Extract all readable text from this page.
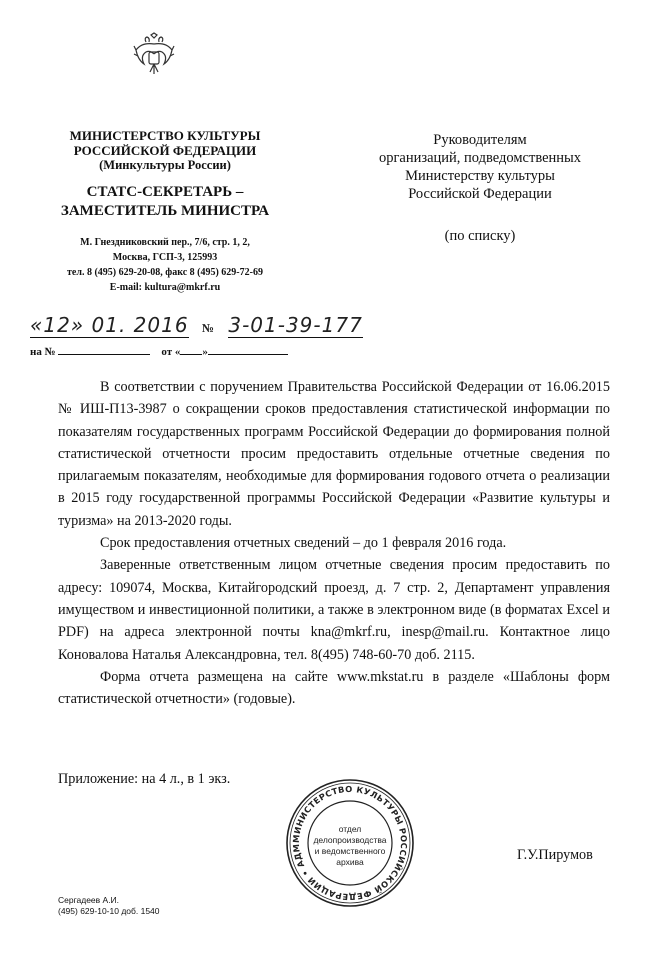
МИНИСТЕРСТВО КУЛЬТУРЫ
РОССИЙСКОЙ ФЕДЕРАЦИИ
(Минкультуры России)
СТАТС-СЕКРЕТАРЬ –
ЗАМЕСТИТЕЛЬ МИНИСТРА
М. Гнездниковский пер., 7/6, стр. 1, 2,
Москва, ГСП-3, 125993
тел. 8 (495) 629-20-08, факс 8 (495) 629-72-69
E-mail: kultura@mkrf.ru
Руководителям
организаций, подведомственных
Министерству культуры
Российской Федерации
(по списку)
«12» 01. 2016 № 3-01-39-177
на №	от « »

В соответствии с поручением Правительства Российской Федерации от 16.06.2015 № ИШ-П13-3987 о сокращении сроков предоставления статистической информации по показателям государственных программ Российской Федерации до формирования полной статистической отчетности просим предоставить отдельные отчетные сведения по прилагаемым показателям, необходимые для формирования годового отчета о реализации в 2015 году государственной программы Российской Федерации «Развитие культуры и туризма» на 2013-2020 годы.

Срок предоставления отчетных сведений – до 1 февраля 2016 года.

Заверенные ответственным лицом отчетные сведения просим предоставить по адресу: 109074, Москва, Китайгородский проезд, д. 7 стр. 2, Департамент управления имуществом и инвестиционной политики, а также в электронном виде (в форматах Excel и PDF) на адреса электронной почты kna@mkrf.ru, inesp@mail.ru. Контактное лицо Коновалова Наталья Александровна, тел. 8(495) 748-60-70 доб. 2115.

Форма отчета размещена на сайте www.mkstat.ru в разделе «Шаблоны форм статистической отчетности» (годовые).

Приложение: на 4 л., в 1 экз.
МИНИСТЕРСТВО КУЛЬТУРЫ РОССИЙСКОЙ ФЕДЕРАЦИИ • АДМ
отдел
делопроизводства
и ведомственного
архива	Г.У.Пирумов
Сергадеев А.И.
(495) 629-10-10 доб. 1540
